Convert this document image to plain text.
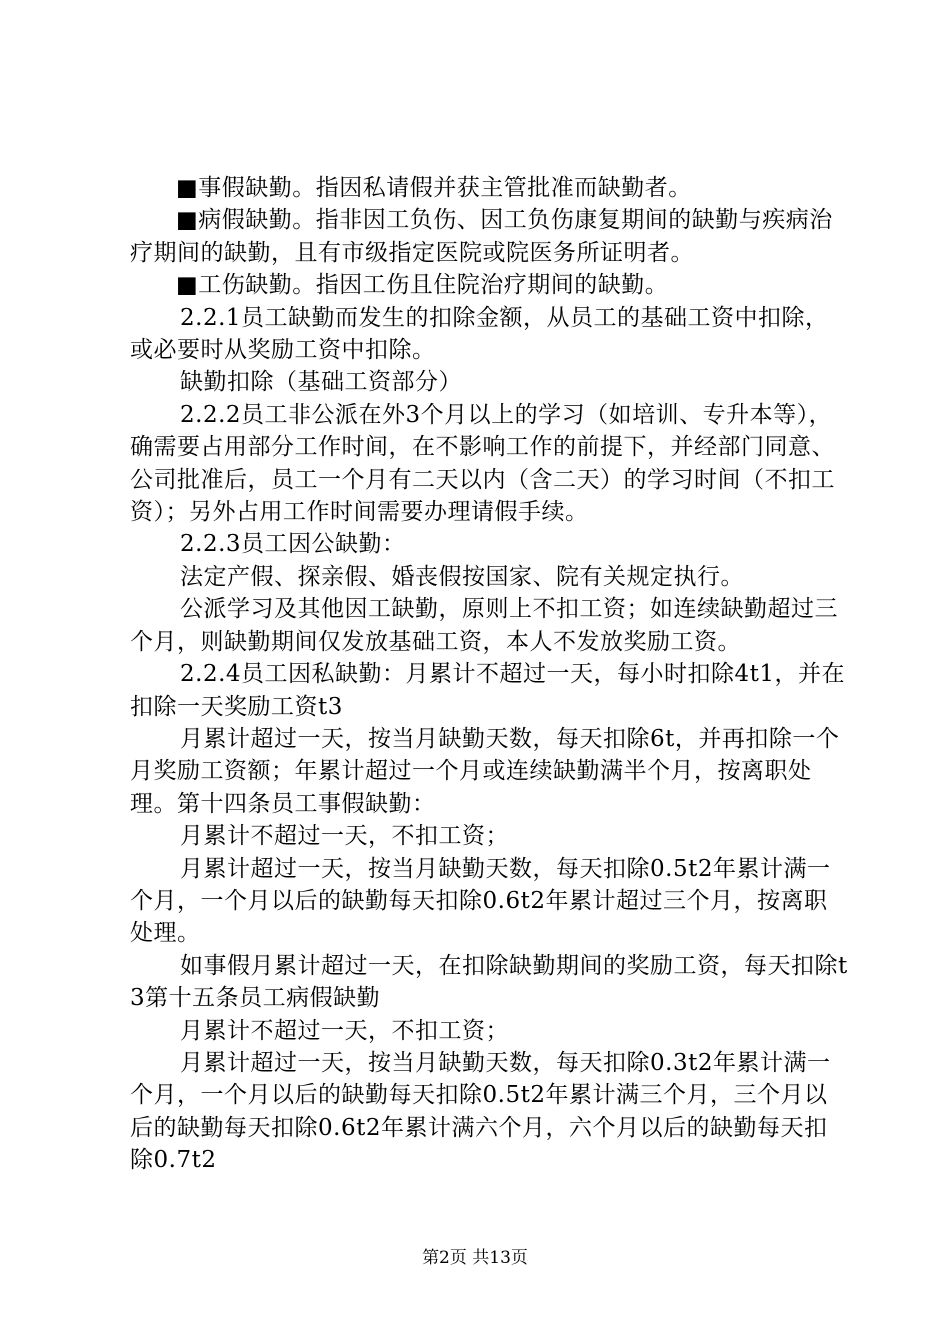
■事假缺勤。指因私请假并获主管批准而缺勤者。

■病假缺勤。指非因工负伤、因工负伤康复期间的缺勤与疾病治疗期间的缺勤，且有市级指定医院或院医务所证明者。

■工伤缺勤。指因工伤且住院治疗期间的缺勤。

2.2.1员工缺勤而发生的扣除金额，从员工的基础工资中扣除，或必要时从奖励工资中扣除。

缺勤扣除（基础工资部分）

2.2.2员工非公派在外3个月以上的学习（如培训、专升本等），确需要占用部分工作时间，在不影响工作的前提下，并经部门同意、公司批准后，员工一个月有二天以内（含二天）的学习时间（不扣工资）；另外占用工作时间需要办理请假手续。

2.2.3员工因公缺勤：

法定产假、探亲假、婚丧假按国家、院有关规定执行。

公派学习及其他因工缺勤，原则上不扣工资；如连续缺勤超过三个月，则缺勤期间仅发放基础工资，本人不发放奖励工资。

2.2.4员工因私缺勤：月累计不超过一天，每小时扣除4t1，并在扣除一天奖励工资t3

月累计超过一天，按当月缺勤天数，每天扣除6t，并再扣除一个月奖励工资额；年累计超过一个月或连续缺勤满半个月，按离职处理。第十四条员工事假缺勤：

月累计不超过一天，不扣工资；

月累计超过一天，按当月缺勤天数，每天扣除0.5t2年累计满一个月，一个月以后的缺勤每天扣除0.6t2年累计超过三个月，按离职处理。

如事假月累计超过一天，在扣除缺勤期间的奖励工资，每天扣除t3第十五条员工病假缺勤

月累计不超过一天，不扣工资；

月累计超过一天，按当月缺勤天数，每天扣除0.3t2年累计满一个月，一个月以后的缺勤每天扣除0.5t2年累计满三个月，三个月以后的缺勤每天扣除0.6t2年累计满六个月，六个月以后的缺勤每天扣除0.7t2

第2页 共13页
